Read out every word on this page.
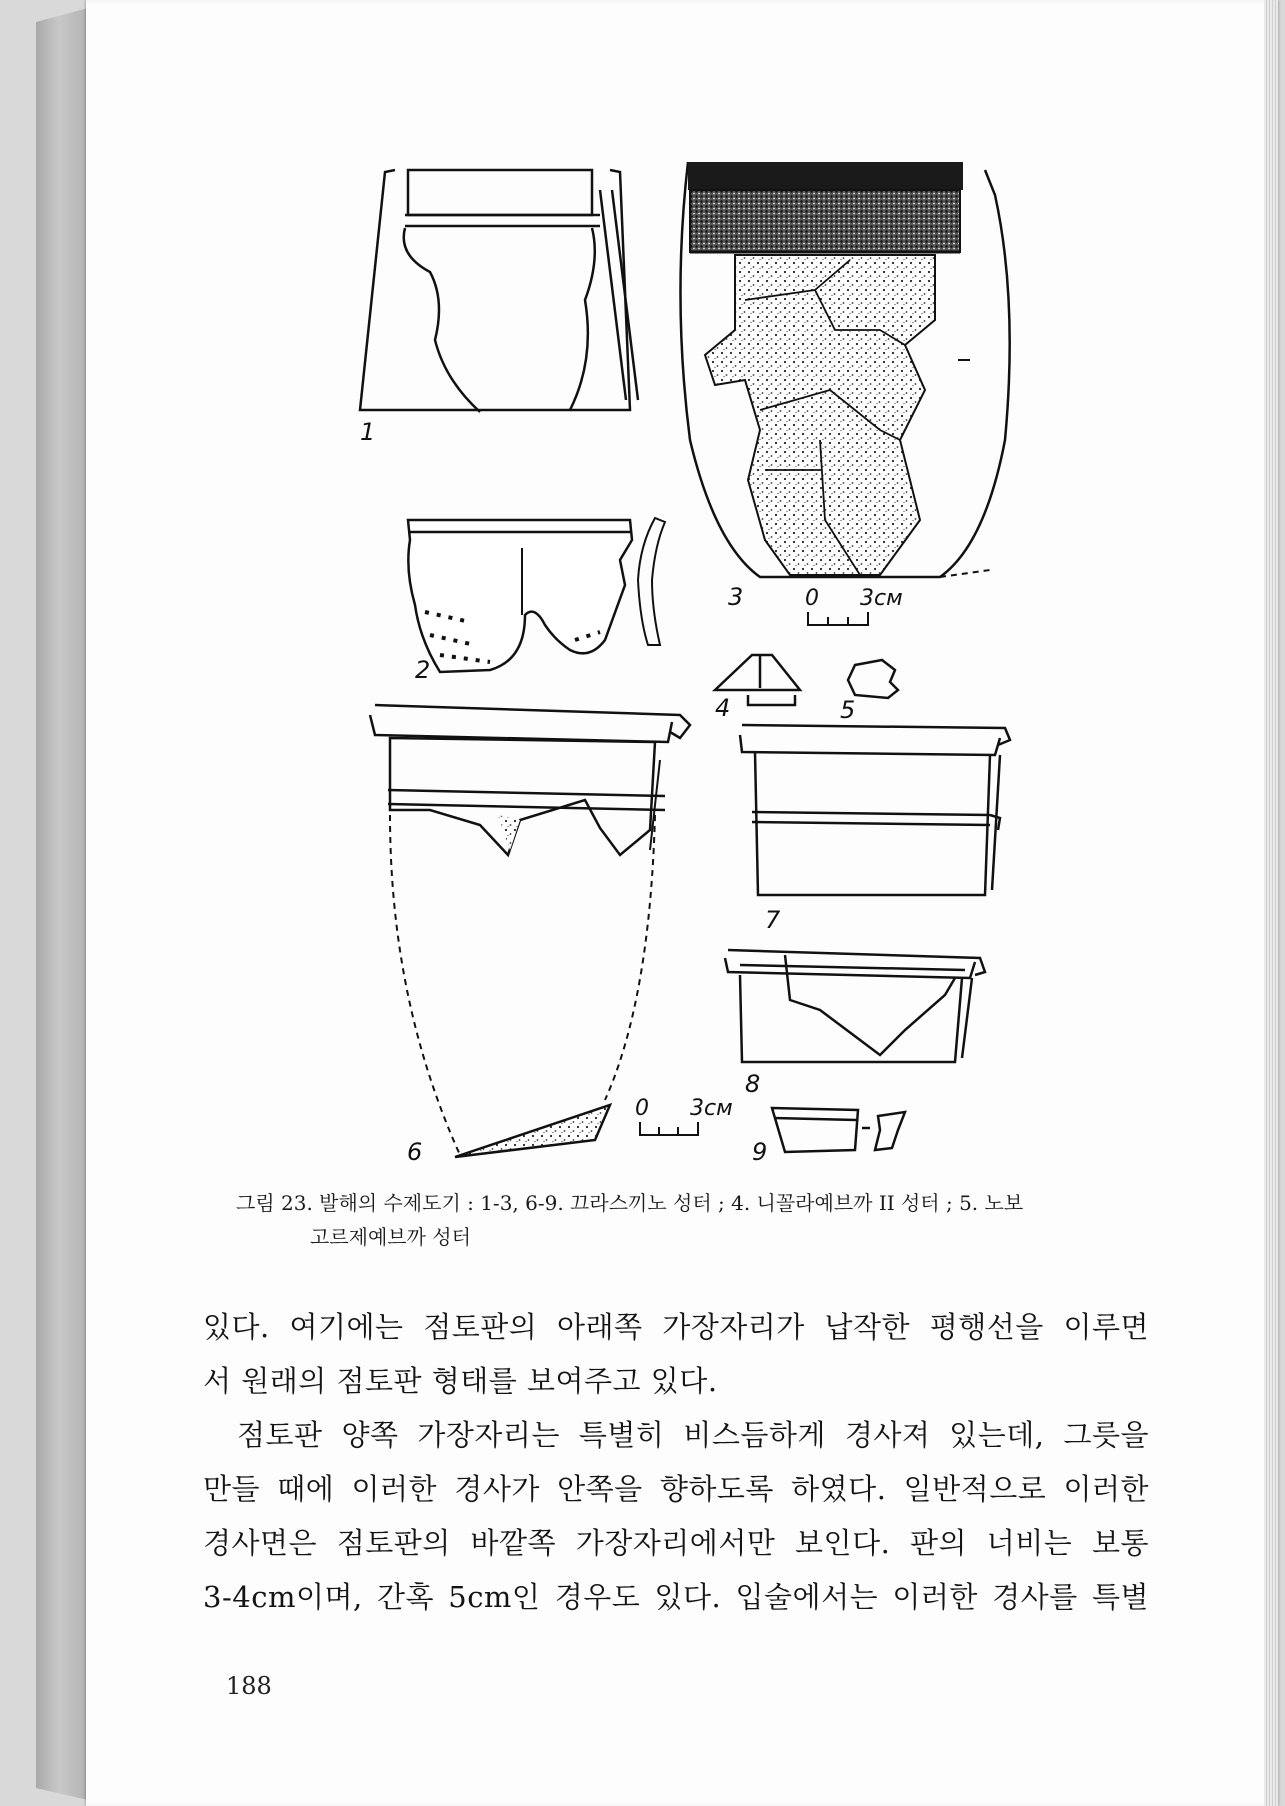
1
3	0 3см
2
4	5
6
0 3см
7
8
9
그림 23. 발해의 수제도기 : 1-3, 6-9. 끄라스끼노 성터 ; 4. 니꼴라예브까 II 성터 ; 5. 노보
고르제예브까 성터

있다. 여기에는 점토판의 아래쪽 가장자리가 납작한 평행선을 이루면

서 원래의 점토판 형태를 보여주고 있다.

점토판 양쪽 가장자리는 특별히 비스듬하게 경사져 있는데, 그릇을

만들 때에 이러한 경사가 안쪽을 향하도록 하였다. 일반적으로 이러한

경사면은 점토판의 바깥쪽 가장자리에서만 보인다. 판의 너비는 보통

3-4cm이며, 간혹 5cm인 경우도 있다. 입술에서는 이러한 경사를 특별

188
